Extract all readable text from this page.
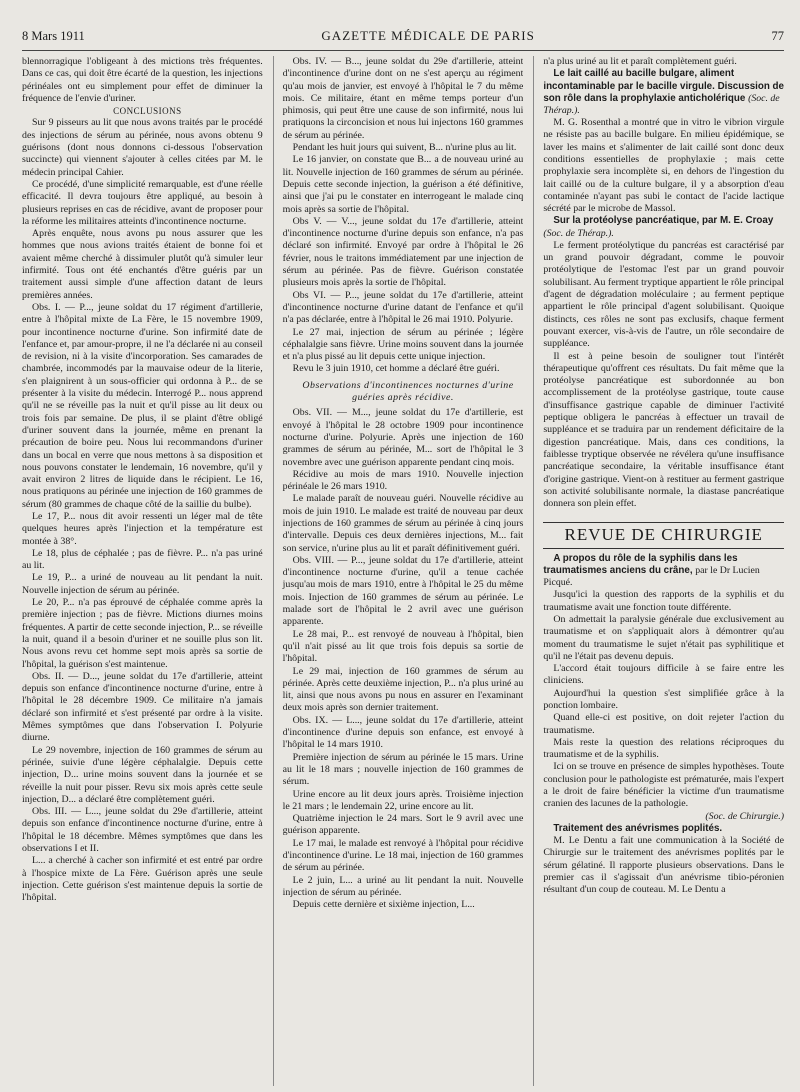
8 Mars 1911	GAZETTE MÉDICALE DE PARIS	77

blennorragique l'obligeant à des mictions très fréquentes. Dans ce cas, qui doit être écarté de la question, les injections périnéales ont eu simplement pour effet de diminuer la fréquence de l'envie d'uriner.

CONCLUSIONS

Sur 9 pisseurs au lit que nous avons traités par le procédé des injections de sérum au périnée, nous avons obtenu 9 guérisons (dont nous donnons ci-dessous l'observation succincte) qui viennent s'ajouter à celles citées par M. le médecin principal Cahier.

Ce procédé, d'une simplicité remarquable, est d'une réelle efficacité. Il devra toujours être appliqué, au besoin à plusieurs reprises en cas de récidive, avant de proposer pour la réforme les militaires atteints d'incontinence nocturne.

Après enquête, nous avons pu nous assurer que les hommes que nous avions traités étaient de bonne foi et avaient même cherché à dissimuler plutôt qu'à simuler leur infirmité. Tous ont été enchantés d'être guéris par un traitement aussi simple d'une affection datant de leurs premières années.

Obs. I. — P..., jeune soldat du 17 régiment d'artillerie, entre à l'hôpital mixte de La Fère, le 15 novembre 1909, pour incontinence nocturne d'urine. Son infirmité date de l'enfance et, par amour-propre, il ne l'a déclarée ni au conseil de revision, ni à la visite d'incorporation. Ses camarades de chambrée, incommodés par la mauvaise odeur de la literie, s'en plaignirent à un sous-officier qui ordonna à P... de se présenter à la visite du médecin. Interrogé P... nous apprend qu'il ne se réveille pas la nuit et qu'il pisse au lit deux ou trois fois par semaine. De plus, il se plaint d'être obligé d'uriner souvent dans la journée, même en prenant la précaution de boire peu. Nous lui recommandons d'uriner dans un bocal en verre que nous mettons à sa disposition et nous pouvons constater le lendemain, 16 novembre, qu'il y avait environ 2 litres de liquide dans le récipient. Le 16, nous pratiquons au périnée une injection de 160 grammes de sérum (80 grammes de chaque côté de la saillie du bulbe).

Le 17, P... nous dit avoir ressenti un léger mal de tête quelques heures après l'injection et la température est montée à 38°.

Le 18, plus de céphalée ; pas de fièvre. P... n'a pas uriné au lit.

Le 19, P... a uriné de nouveau au lit pendant la nuit. Nouvelle injection de sérum au périnée.

Le 20, P... n'a pas éprouvé de céphalée comme après la première injection ; pas de fièvre. Mictions diurnes moins fréquentes. A partir de cette seconde injection, P... se réveille la nuit, quand il a besoin d'uriner et ne souille plus son lit. Nous avons revu cet homme sept mois après sa sortie de l'hôpital, la guérison s'est maintenue.

Obs. II. — D..., jeune soldat du 17e d'artillerie, atteint depuis son enfance d'incontinence nocturne d'urine, entre à l'hôpital le 28 décembre 1909. Ce militaire n'a jamais déclaré son infirmité et s'est présenté par ordre à la visite. Mêmes symptômes que dans l'observation I. Polyurie diurne.

Le 29 novembre, injection de 160 grammes de sérum au périnée, suivie d'une légère céphalalgie. Depuis cette injection, D... urine moins souvent dans la journée et se réveille la nuit pour pisser. Revu six mois après cette seule injection, D... a déclaré être complètement guéri.

Obs. III. — L..., jeune soldat du 29e d'artillerie, atteint depuis son enfance d'incontinence nocturne d'urine, entre à l'hôpital le 18 décembre. Mêmes symptômes que dans les observations I et II.

L... a cherché à cacher son infirmité et est entré par ordre à l'hospice mixte de La Fère. Guérison après une seule injection. Cette guérison s'est maintenue depuis la sortie de l'hôpital.

Obs. IV. — B..., jeune soldat du 29e d'artillerie, atteint d'incontinence d'urine dont on ne s'est aperçu au régiment qu'au mois de janvier, est envoyé à l'hôpital le 7 du même mois. Ce militaire, étant en même temps porteur d'un phimosis, qui peut être une cause de son infirmité, nous lui pratiquons la circoncision et nous lui injectons 160 grammes de sérum au périnée.

Pendant les huit jours qui suivent, B... n'urine plus au lit.

Le 16 janvier, on constate que B... a de nouveau uriné au lit. Nouvelle injection de 160 grammes de sérum au périnée. Depuis cette seconde injection, la guérison a été définitive, ainsi que j'ai pu le constater en interrogeant le malade cinq mois après sa sortie de l'hôpital.

Obs V. — V..., jeune soldat du 17e d'artillerie, atteint d'incontinence nocturne d'urine depuis son enfance, n'a pas déclaré son infirmité. Envoyé par ordre à l'hôpital le 26 février, nous le traitons immédiatement par une injection de sérum au périnée. Pas de fièvre. Guérison constatée plusieurs mois après la sortie de l'hôpital.

Obs VI. — P..., jeune soldat du 17e d'artillerie, atteint d'incontinence nocturne d'urine datant de l'enfance et qu'il n'a pas déclarée, entre à l'hôpital le 26 mai 1910. Polyurie.

Le 27 mai, injection de sérum au périnée ; légère céphalalgie sans fièvre. Urine moins souvent dans la journée et n'a plus pissé au lit depuis cette unique injection.

Revu le 3 juin 1910, cet homme a déclaré être guéri.

Observations d'incontinences nocturnes d'urine guéries après récidive.

Obs. VII. — M..., jeune soldat du 17e d'artillerie, est envoyé à l'hôpital le 28 octobre 1909 pour incontinence nocturne d'urine. Polyurie. Après une injection de 160 grammes de sérum au périnée, M... sort de l'hôpital le 3 novembre avec une guérison apparente pendant cinq mois.

Récidive au mois de mars 1910. Nouvelle injection périnéale le 26 mars 1910.

Le malade paraît de nouveau guéri. Nouvelle récidive au mois de juin 1910. Le malade est traité de nouveau par deux injections de 160 grammes de sérum au périnée à cinq jours d'intervalle. Depuis ces deux dernières injections, M... fait son service, n'urine plus au lit et paraît définitivement guéri.

Obs. VIII. — P..., jeune soldat du 17e d'artillerie, atteint d'incontinence nocturne d'urine, qu'il a tenue cachée jusqu'au mois de mars 1910, entre à l'hôpital le 25 du même mois. Injection de 160 grammes de sérum au périnée. Le malade sort de l'hôpital le 2 avril avec une guérison apparente.

Le 28 mai, P... est renvoyé de nouveau à l'hôpital, bien qu'il n'ait pissé au lit que trois fois depuis sa sortie de l'hôpital.

Le 29 mai, injection de 160 grammes de sérum au périnée. Après cette deuxième injection, P... n'a plus uriné au lit, ainsi que nous avons pu nous en assurer en l'examinant deux mois après son dernier traitement.

Obs. IX. — L..., jeune soldat du 17e d'artillerie, atteint d'incontinence d'urine depuis son enfance, est envoyé à l'hôpital le 14 mars 1910.

Première injection de sérum au périnée le 15 mars. Urine au lit le 18 mars ; nouvelle injection de 160 grammes de sérum.

Urine encore au lit deux jours après. Troisième injection le 21 mars ; le lendemain 22, urine encore au lit.

Quatrième injection le 24 mars. Sort le 9 avril avec une guérison apparente.

Le 17 mai, le malade est renvoyé à l'hôpital pour récidive d'incontinence d'urine. Le 18 mai, injection de 160 grammes de sérum au périnée.

Le 2 juin, L... a uriné au lit pendant la nuit. Nouvelle injection de sérum au périnée.

Depuis cette dernière et sixième injection, L...

n'a plus uriné au lit et paraît complètement guéri.

Le lait caillé au bacille bulgare, aliment incontaminable par le bacille virgule. Discussion de son rôle dans la prophylaxie anticholérique (Soc. de Thérap.).

M. G. Rosenthal a montré que in vitro le vibrion virgule ne résiste pas au bacille bulgare. En milieu épidémique, se laver les mains et s'alimenter de lait caillé sont donc deux conditions essentielles de prophylaxie ; mais cette prophylaxie sera incomplète si, en dehors de l'ingestion du lait caillé ou de la culture bulgare, il y a absorption d'eau contaminée n'ayant pas subi le contact de l'acide lactique sécrété par le microbe de Massol.

Sur la protéolyse pancréatique, par M. E. Croay (Soc. de Thérap.).

Le ferment protéolytique du pancréas est caractérisé par un grand pouvoir dégradant, comme le pouvoir protéolytique de l'estomac l'est par un grand pouvoir solubilisant. Au ferment tryptique appartient le rôle principal d'agent de dégradation moléculaire ; au ferment peptique appartient le rôle principal d'agent solubilisant. Quoique distincts, ces rôles ne sont pas exclusifs, chaque ferment pouvant exercer, vis-à-vis de l'autre, un rôle secondaire de suppléance.

Il est à peine besoin de souligner tout l'intérêt thérapeutique qu'offrent ces résultats. Du fait même que la protéolyse pancréatique est subordonnée au bon accomplissement de la protéolyse gastrique, toute cause d'insuffisance gastrique capable de diminuer l'activité peptique obligera le pancréas à effectuer un travail de suppléance et se traduira par un rendement déficitaire de la digestion pancréatique. Mais, dans ces conditions, la faiblesse tryptique observée ne révélera qu'une insuffisance pancréatique secondaire, la véritable insuffisance étant d'origine gastrique. Vient-on à restituer au ferment gastrique son activité solubilisante normale, la diastase pancréatique donnera son plein effet.

REVUE DE CHIRURGIE

A propos du rôle de la syphilis dans les traumatismes anciens du crâne, par le Dr Lucien Picqué.

Jusqu'ici la question des rapports de la syphilis et du traumatisme avait une fonction toute différente.

On admettait la paralysie générale due exclusivement au traumatisme et on s'appliquait alors à démontrer qu'au moment du traumatisme le sujet n'était pas syphilitique et qu'il ne l'était pas devenu depuis.

L'accord était toujours difficile à se faire entre les cliniciens.

Aujourd'hui la question s'est simplifiée grâce à la ponction lombaire.

Quand elle-ci est positive, on doit rejeter l'action du traumatisme.

Mais reste la question des relations réciproques du traumatisme et de la syphilis.

Ici on se trouve en présence de simples hypothèses. Toute conclusion pour le pathologiste est prématurée, mais l'expert a le droit de faire bénéficier la victime d'un traumatisme cranien des lacunes de la pathologie.

(Soc. de Chirurgie.)

Traitement des anévrismes poplités.

M. Le Dentu a fait une communication à la Société de Chirurgie sur le traitement des anévrismes poplités par le sérum gélatiné. Il rapporte plusieurs observations. Dans le premier cas il s'agissait d'un anévrisme tibio-péronien résultant d'un coup de couteau. M. Le Dentu a
